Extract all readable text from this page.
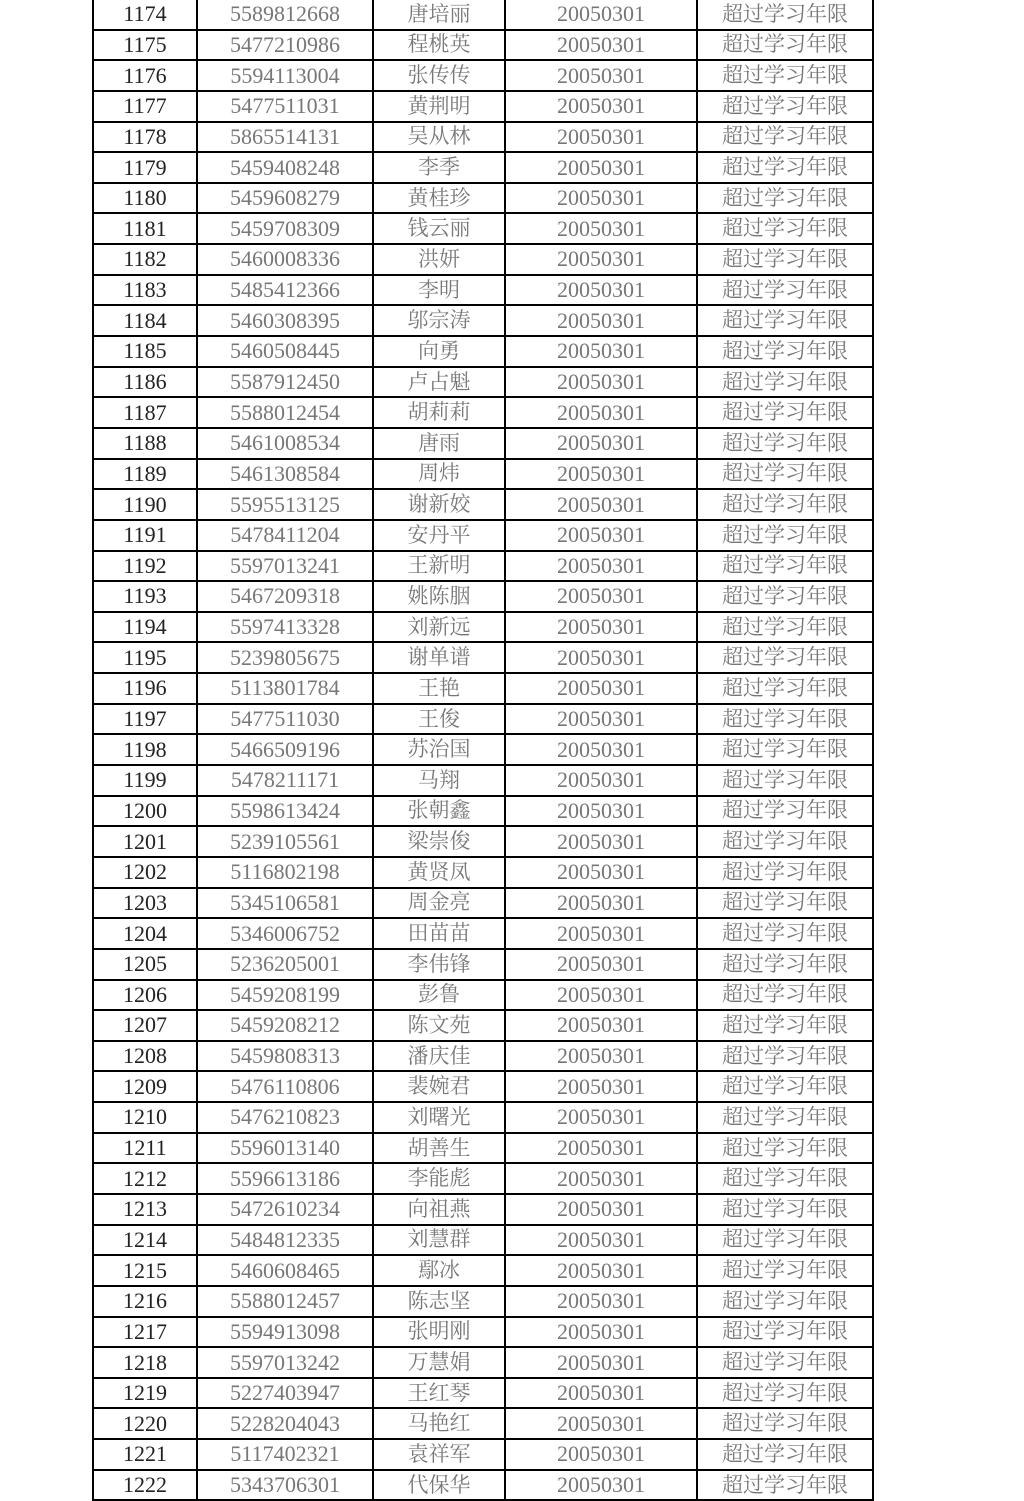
1174	5589812668	唐培丽	20050301	超过学习年限
1175	5477210986	程桃英	20050301	超过学习年限
1176	5594113004	张传传	20050301	超过学习年限
1177	5477511031	黄荆明	20050301	超过学习年限
1178	5865514131	吴从林	20050301	超过学习年限
1179	5459408248	李季	20050301	超过学习年限
1180	5459608279	黄桂珍	20050301	超过学习年限
1181	5459708309	钱云丽	20050301	超过学习年限
1182	5460008336	洪妍	20050301	超过学习年限
1183	5485412366	李明	20050301	超过学习年限
1184	5460308395	邬宗涛	20050301	超过学习年限
1185	5460508445	向勇	20050301	超过学习年限
1186	5587912450	卢占魁	20050301	超过学习年限
1187	5588012454	胡莉莉	20050301	超过学习年限
1188	5461008534	唐雨	20050301	超过学习年限
1189	5461308584	周炜	20050301	超过学习年限
1190	5595513125	谢新姣	20050301	超过学习年限
1191	5478411204	安丹平	20050301	超过学习年限
1192	5597013241	王新明	20050301	超过学习年限
1193	5467209318	姚陈胭	20050301	超过学习年限
1194	5597413328	刘新远	20050301	超过学习年限
1195	5239805675	谢单谱	20050301	超过学习年限
1196	5113801784	王艳	20050301	超过学习年限
1197	5477511030	王俊	20050301	超过学习年限
1198	5466509196	苏治国	20050301	超过学习年限
1199	5478211171	马翔	20050301	超过学习年限
1200	5598613424	张朝鑫	20050301	超过学习年限
1201	5239105561	梁崇俊	20050301	超过学习年限
1202	5116802198	黄贤凤	20050301	超过学习年限
1203	5345106581	周金亮	20050301	超过学习年限
1204	5346006752	田苗苗	20050301	超过学习年限
1205	5236205001	李伟锋	20050301	超过学习年限
1206	5459208199	彭鲁	20050301	超过学习年限
1207	5459208212	陈文苑	20050301	超过学习年限
1208	5459808313	潘庆佳	20050301	超过学习年限
1209	5476110806	裴婉君	20050301	超过学习年限
1210	5476210823	刘曙光	20050301	超过学习年限
1211	5596013140	胡善生	20050301	超过学习年限
1212	5596613186	李能彪	20050301	超过学习年限
1213	5472610234	向祖燕	20050301	超过学习年限
1214	5484812335	刘慧群	20050301	超过学习年限
1215	5460608465	鄢冰	20050301	超过学习年限
1216	5588012457	陈志坚	20050301	超过学习年限
1217	5594913098	张明刚	20050301	超过学习年限
1218	5597013242	万慧娟	20050301	超过学习年限
1219	5227403947	王红琴	20050301	超过学习年限
1220	5228204043	马艳红	20050301	超过学习年限
1221	5117402321	袁祥军	20050301	超过学习年限
1222	5343706301	代保华	20050301	超过学习年限
